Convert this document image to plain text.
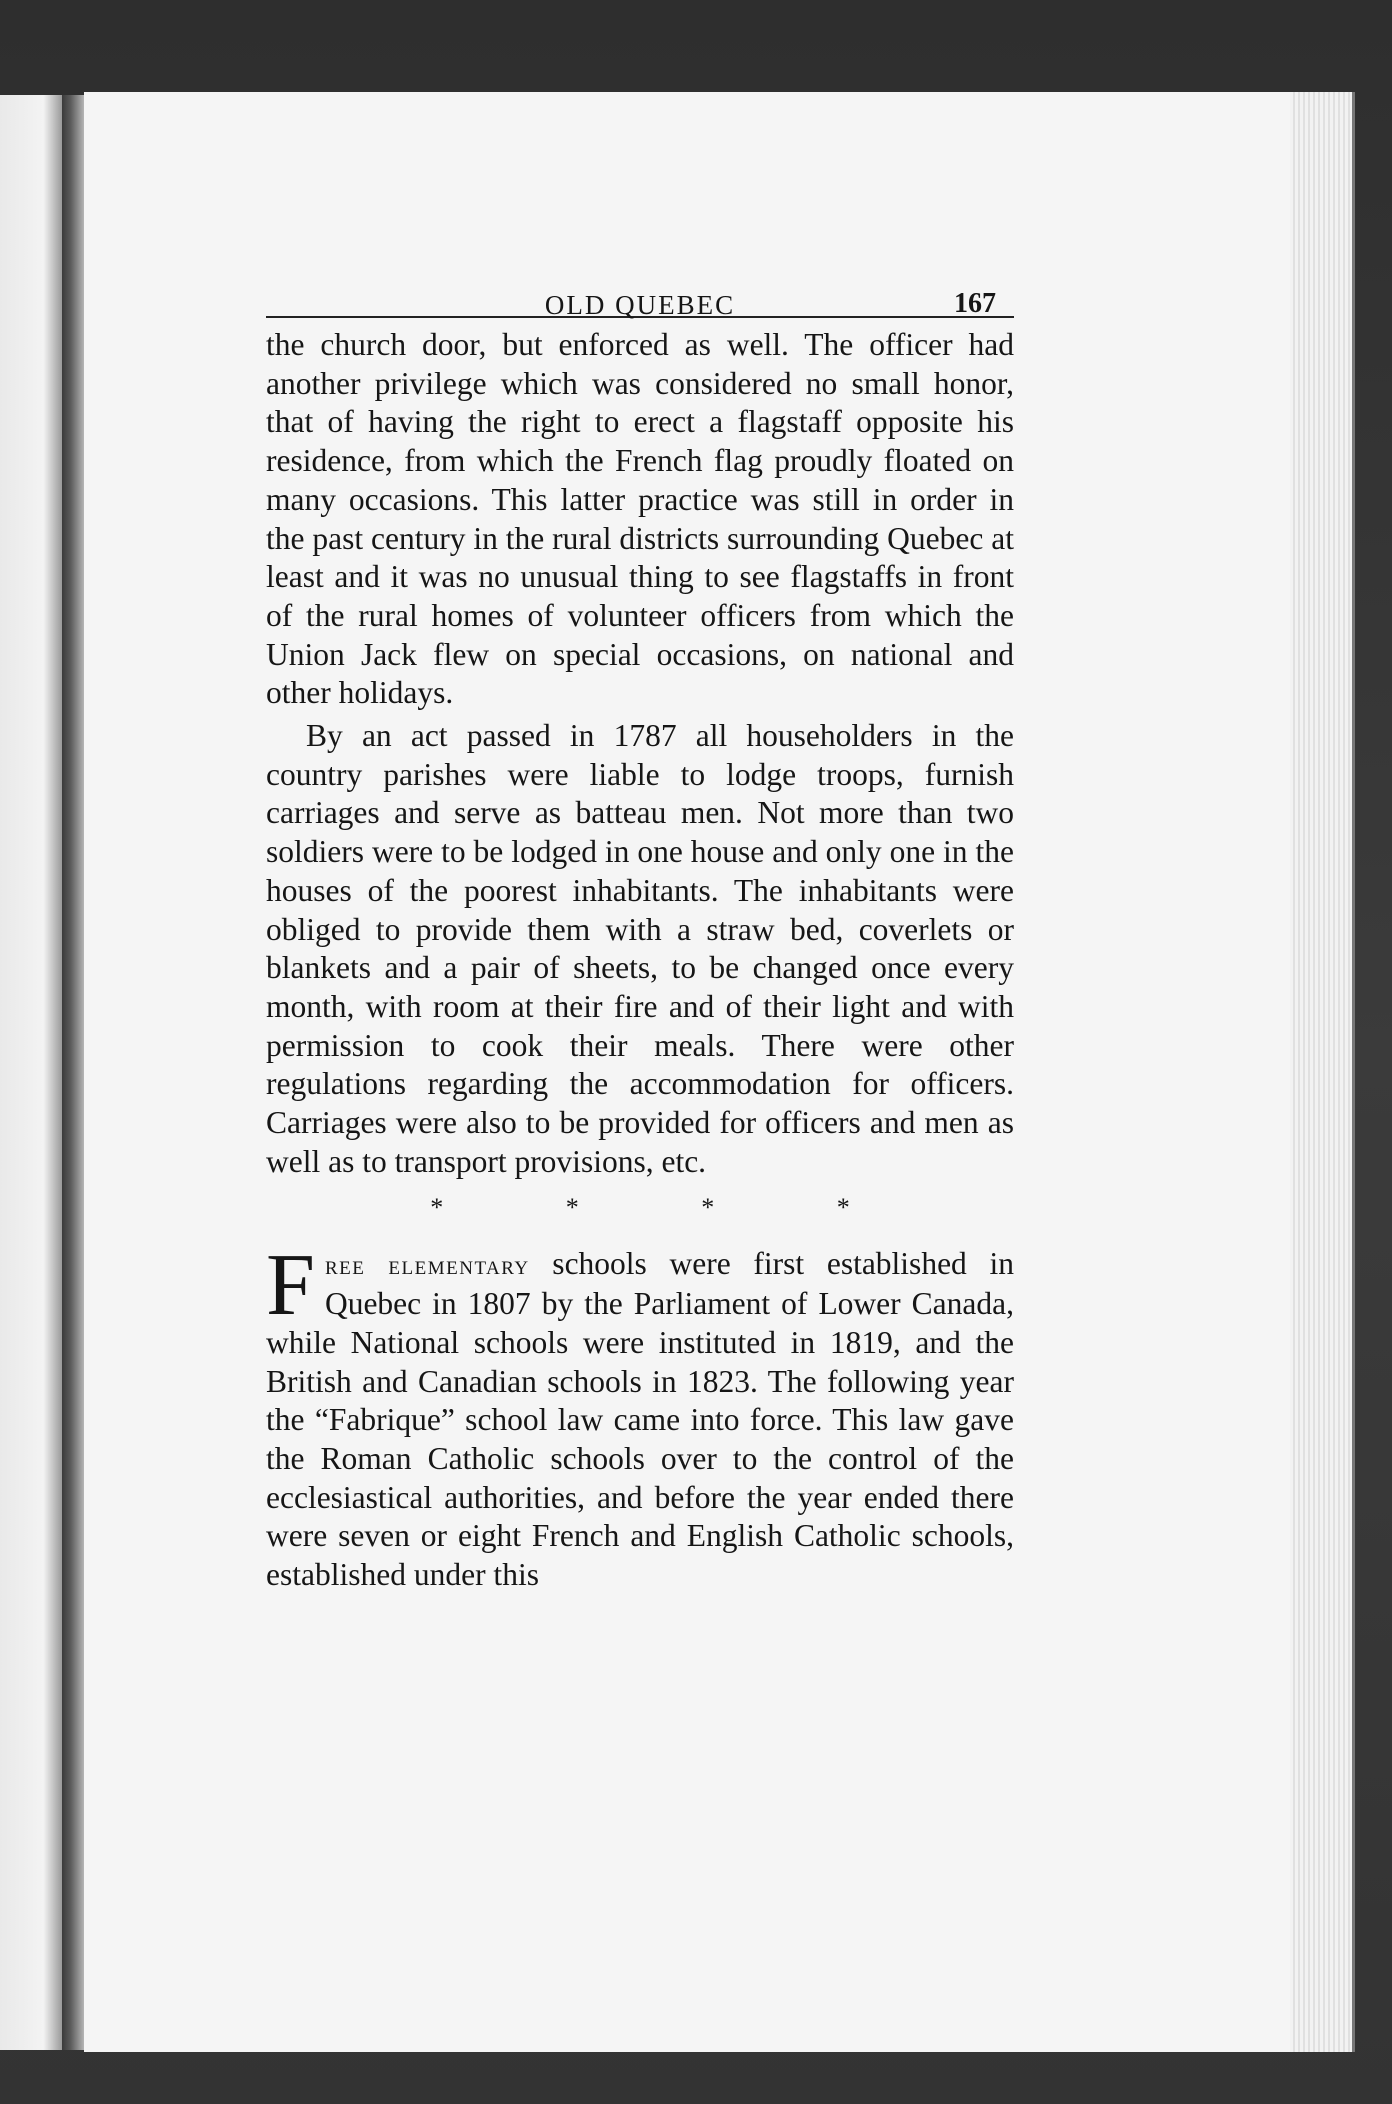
OLD QUEBEC	167

the church door, but enforced as well. The officer had another privilege which was considered no small honor, that of having the right to erect a flagstaff opposite his residence, from which the French flag proudly floated on many occasions. This latter practice was still in order in the past century in the rural districts surrounding Quebec at least and it was no unusual thing to see flagstaffs in front of the rural homes of volunteer officers from which the Union Jack flew on special occasions, on national and other holidays.

By an act passed in 1787 all householders in the country parishes were liable to lodge troops, furnish carriages and serve as batteau men. Not more than two soldiers were to be lodged in one house and only one in the houses of the poorest inhabitants. The inhabitants were obliged to provide them with a straw bed, coverlets or blankets and a pair of sheets, to be changed once every month, with room at their fire and of their light and with permission to cook their meals. There were other regulations regarding the accommodation for officers. Carriages were also to be provided for officers and men as well as to transport provisions, etc.

* * * *

Free elementary schools were first established in Quebec in 1807 by the Parliament of Lower Canada, while National schools were instituted in 1819, and the British and Canadian schools in 1823. The following year the “Fabrique” school law came into force. This law gave the Roman Catholic schools over to the control of the ecclesiastical authorities, and before the year ended there were seven or eight French and English Catholic schools, established under this
